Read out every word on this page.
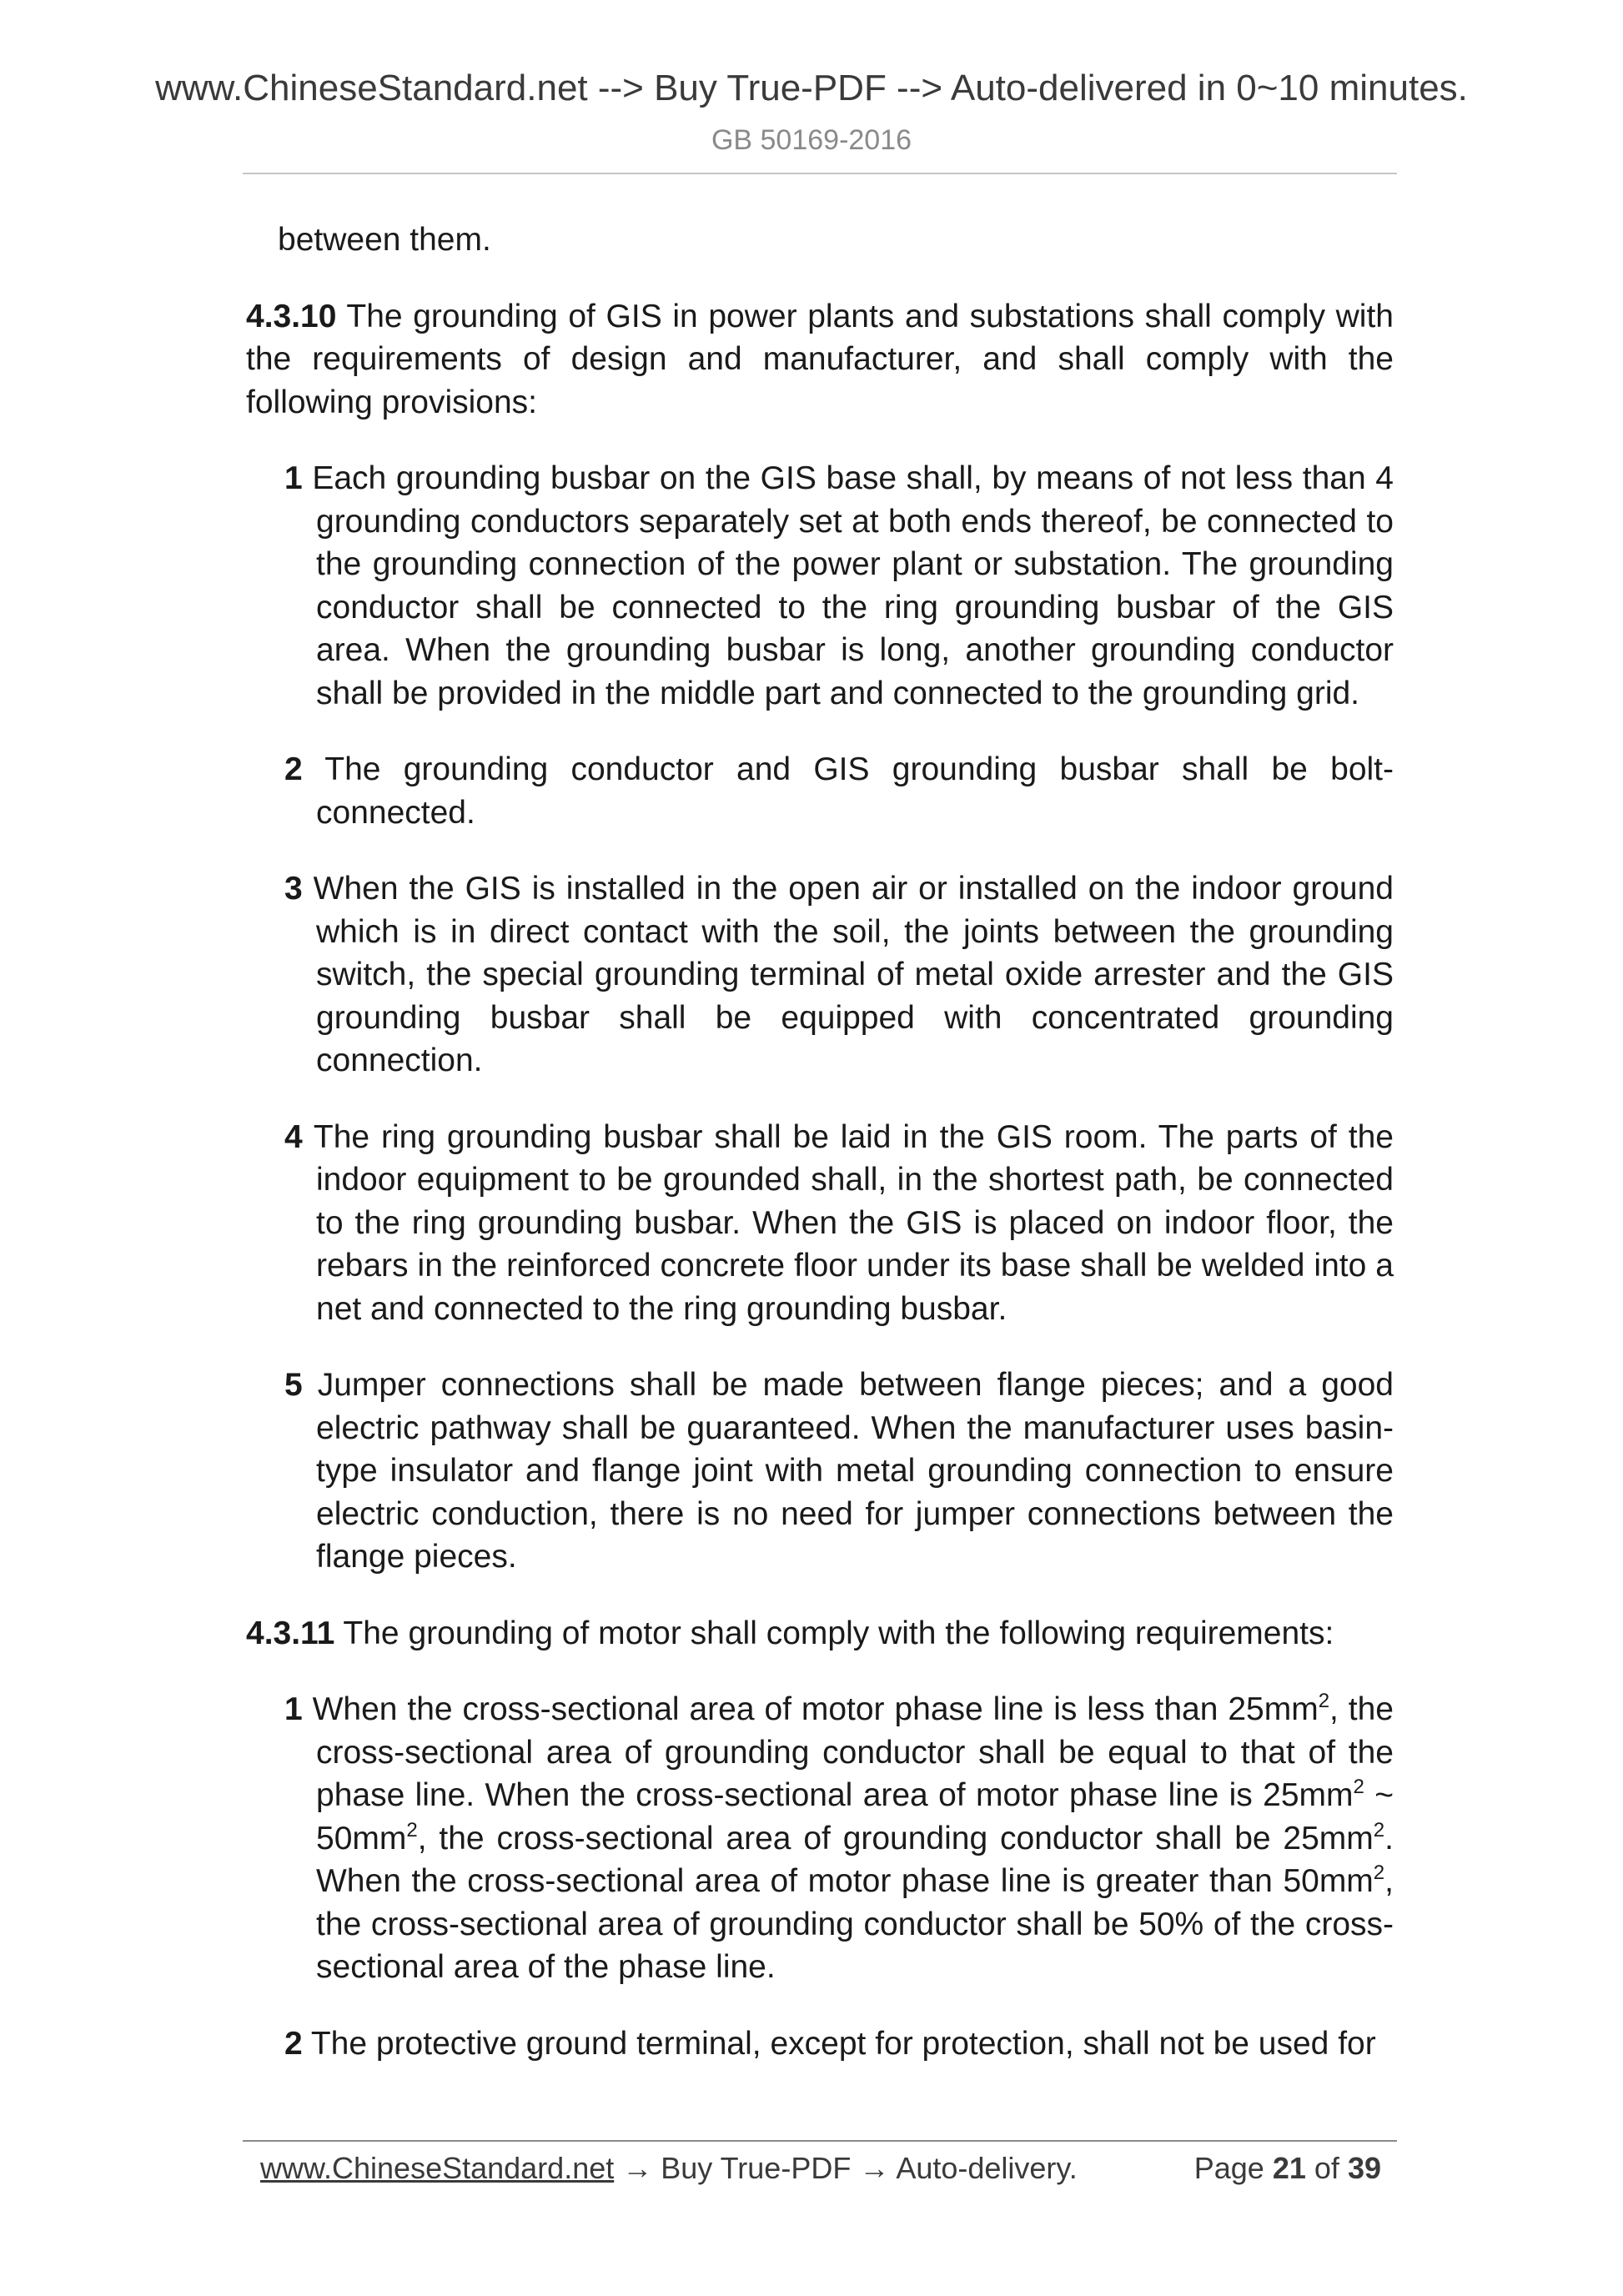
www.ChineseStandard.net --> Buy True-PDF --> Auto-delivered in 0~10 minutes.
GB 50169-2016

between them.

4.3.10 The grounding of GIS in power plants and substations shall comply with the requirements of design and manufacturer, and shall comply with the following provisions:

1 Each grounding busbar on the GIS base shall, by means of not less than 4 grounding conductors separately set at both ends thereof, be connected to the grounding connection of the power plant or substation. The grounding conductor shall be connected to the ring grounding busbar of the GIS area. When the grounding busbar is long, another grounding conductor shall be provided in the middle part and connected to the grounding grid.

2 The grounding conductor and GIS grounding busbar shall be bolt-connected.

3 When the GIS is installed in the open air or installed on the indoor ground which is in direct contact with the soil, the joints between the grounding switch, the special grounding terminal of metal oxide arrester and the GIS grounding busbar shall be equipped with concentrated grounding connection.

4 The ring grounding busbar shall be laid in the GIS room. The parts of the indoor equipment to be grounded shall, in the shortest path, be connected to the ring grounding busbar. When the GIS is placed on indoor floor, the rebars in the reinforced concrete floor under its base shall be welded into a net and connected to the ring grounding busbar.

5 Jumper connections shall be made between flange pieces; and a good electric pathway shall be guaranteed. When the manufacturer uses basin-type insulator and flange joint with metal grounding connection to ensure electric conduction, there is no need for jumper connections between the flange pieces.

4.3.11 The grounding of motor shall comply with the following requirements:

1 When the cross-sectional area of motor phase line is less than $25mm^2$, the cross-sectional area of grounding conductor shall be equal to that of the phase line. When the cross-sectional area of motor phase line is $25mm^2$ ~ $50mm^2$, the cross-sectional area of grounding conductor shall be $25mm^2$. When the cross-sectional area of motor phase line is greater than $50mm^2$, the cross-sectional area of grounding conductor shall be 50% of the cross-sectional area of the phase line.

2 The protective ground terminal, except for protection, shall not be used for

www.ChineseStandard.net → Buy True-PDF → Auto-delivery.	Page 21 of 39
